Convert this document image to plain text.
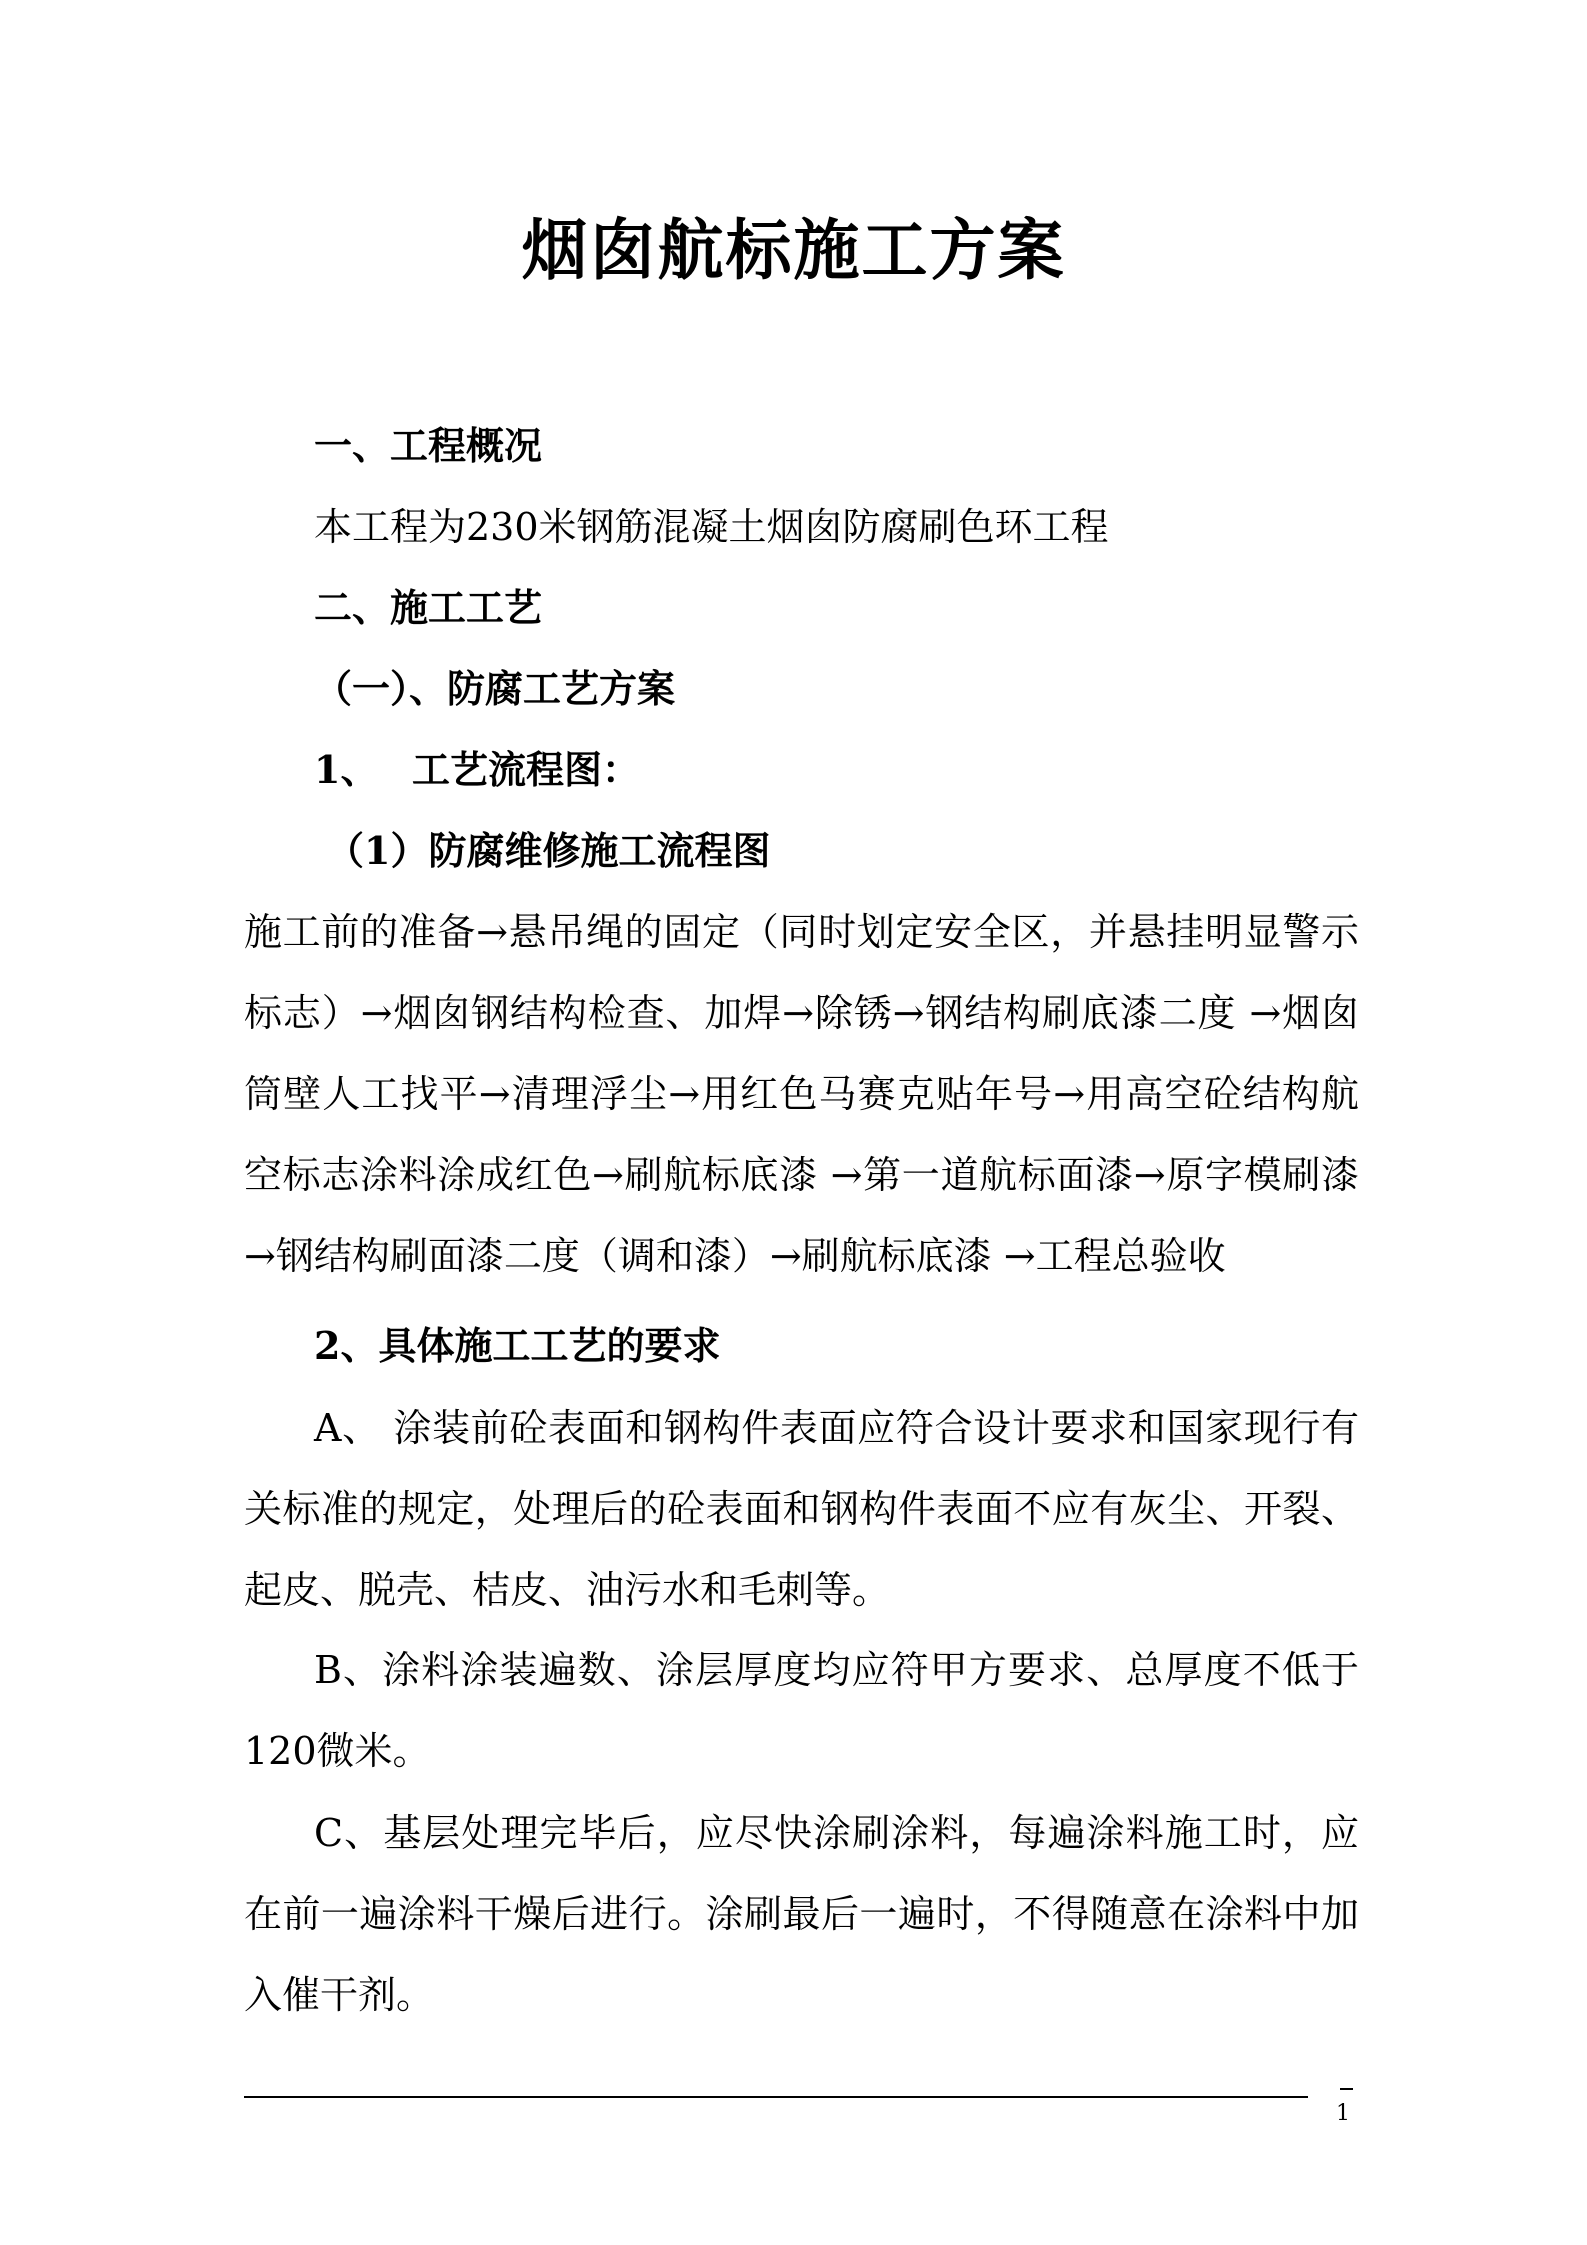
烟囱航标施工方案
一、工程概况
本工程为230米钢筋混凝土烟囱防腐刷色环工程
二、施工工艺
（一）、防腐工艺方案
1、 工艺流程图：
（1）防腐维修施工流程图
施工前的准备→悬吊绳的固定（同时划定安全区，并悬挂明显警示标志）→烟囱钢结构检查、加焊→除锈→钢结构刷底漆二度 →烟囱筒壁人工找平→清理浮尘→用红色马赛克贴年号→用高空砼结构航空标志涂料涂成红色→刷航标底漆 →第一道航标面漆→原字模刷漆→钢结构刷面漆二度（调和漆）→刷航标底漆 →工程总验收
2、具体施工工艺的要求
A、 涂装前砼表面和钢构件表面应符合设计要求和国家现行有关标准的规定，处理后的砼表面和钢构件表面不应有灰尘、开裂、起皮、脱壳、桔皮、油污水和毛刺等。
B、涂料涂装遍数、涂层厚度均应符甲方要求、总厚度不低于120微米。
C、基层处理完毕后，应尽快涂刷涂料，每遍涂料施工时，应在前一遍涂料干燥后进行。涂刷最后一遍时，不得随意在涂料中加入催干剂。
1
